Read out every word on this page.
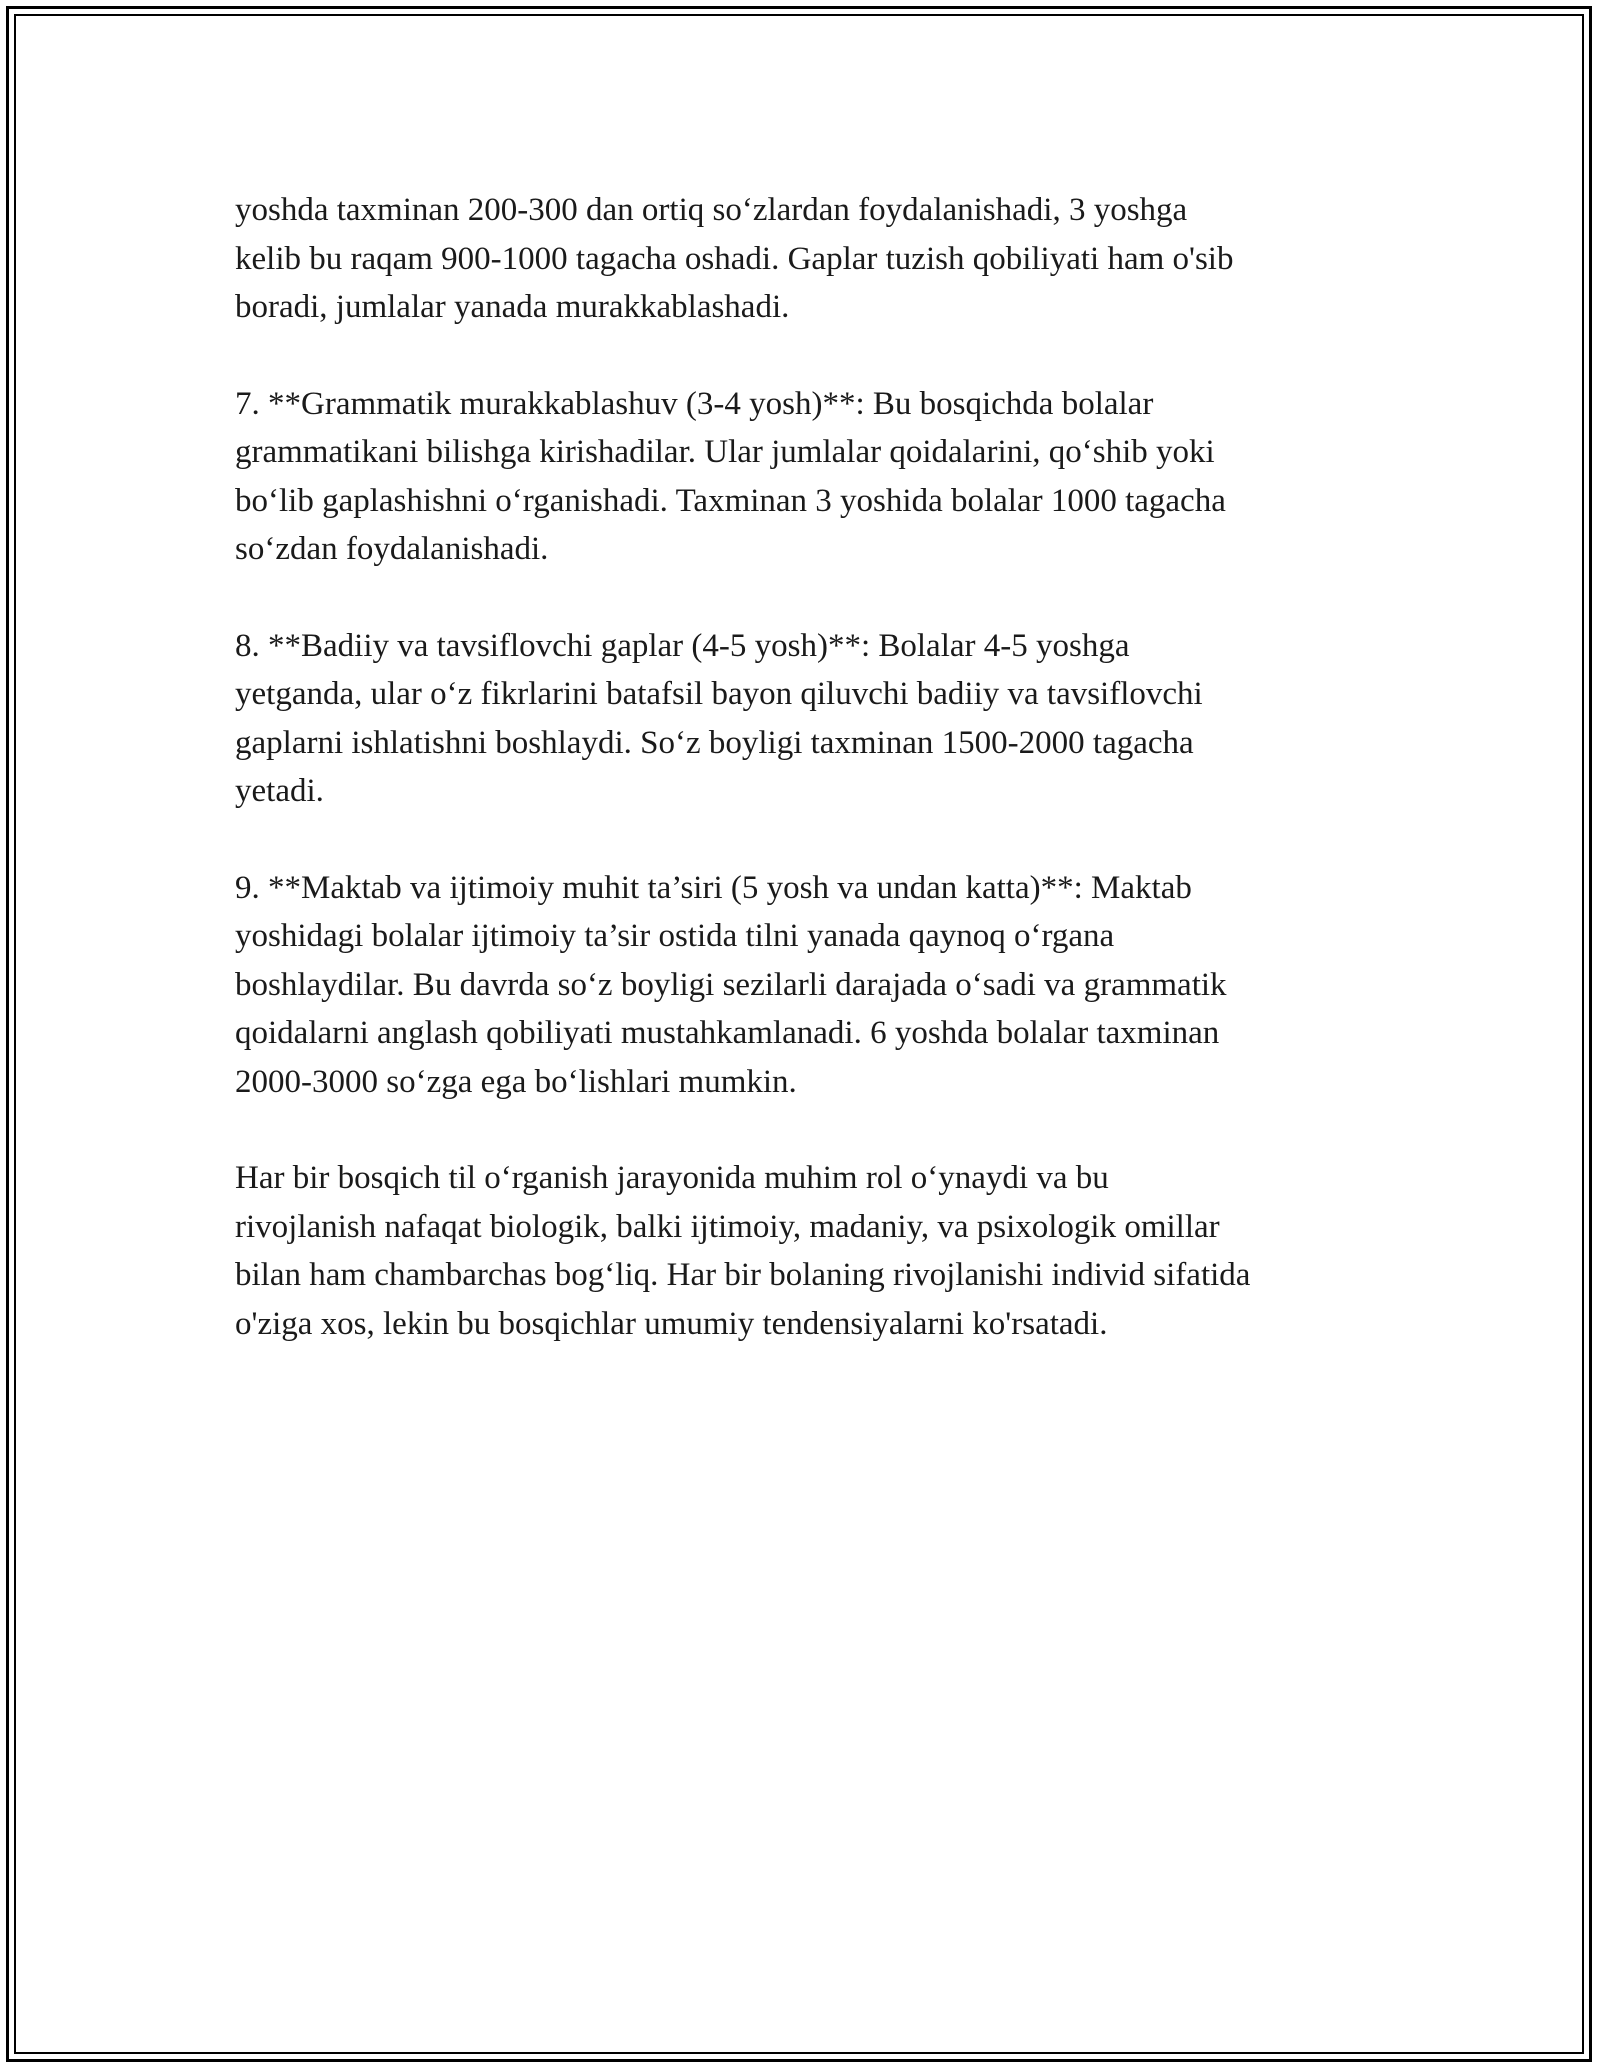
yoshda taxminan 200-300 dan ortiq so‘zlardan foydalanishadi, 3 yoshga
kelib bu raqam 900-1000 tagacha oshadi. Gaplar tuzish qobiliyati ham o'sib
boradi, jumlalar yanada murakkablashadi.

7. **Grammatik murakkablashuv (3-4 yosh)**: Bu bosqichda bolalar
grammatikani bilishga kirishadilar. Ular jumlalar qoidalarini, qo‘shib yoki
bo‘lib gaplashishni o‘rganishadi. Taxminan 3 yoshida bolalar 1000 tagacha
so‘zdan foydalanishadi.

8. **Badiiy va tavsiflovchi gaplar (4-5 yosh)**: Bolalar 4-5 yoshga
yetganda, ular o‘z fikrlarini batafsil bayon qiluvchi badiiy va tavsiflovchi
gaplarni ishlatishni boshlaydi. So‘z boyligi taxminan 1500-2000 tagacha
yetadi.

9. **Maktab va ijtimoiy muhit ta’siri (5 yosh va undan katta)**: Maktab
yoshidagi bolalar ijtimoiy ta’sir ostida tilni yanada qaynoq o‘rgana
boshlaydilar. Bu davrda so‘z boyligi sezilarli darajada o‘sadi va grammatik
qoidalarni anglash qobiliyati mustahkamlanadi. 6 yoshda bolalar taxminan
2000-3000 so‘zga ega bo‘lishlari mumkin.

Har bir bosqich til o‘rganish jarayonida muhim rol o‘ynaydi va bu
rivojlanish nafaqat biologik, balki ijtimoiy, madaniy, va psixologik omillar
bilan ham chambarchas bog‘liq. Har bir bolaning rivojlanishi individ sifatida
o'ziga xos, lekin bu bosqichlar umumiy tendensiyalarni ko'rsatadi.
